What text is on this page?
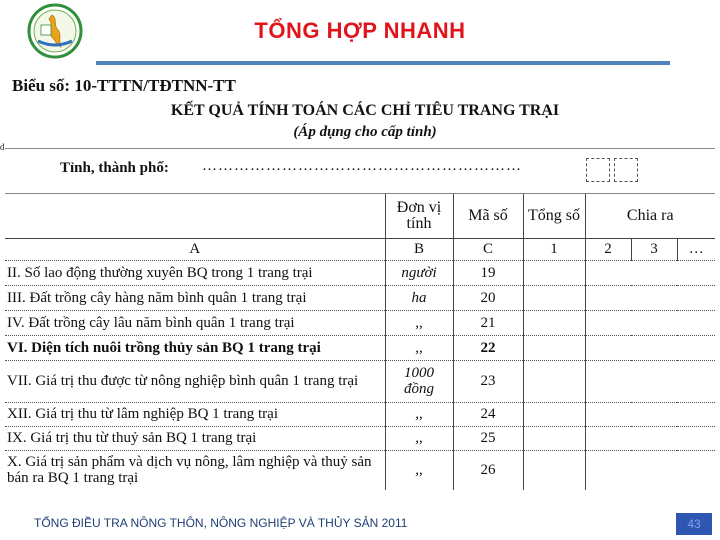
TỔNG HỢP NHANH
Biểu số: 10-TTTN/TĐTNN-TT
KẾT QUẢ TÍNH TOÁN CÁC CHỈ TIÊU TRANG TRẠI
(Áp dụng cho cấp tỉnh)
d
Tỉnh, thành phố: ……………………………………………………
	Đơn vị tính	Mã số	Tổng số	Chia ra		
A	B	C	1	2	3	…
II. Số lao động thường xuyên BQ trong 1 trang trại	người	19				
III. Đất trồng cây hàng năm bình quân 1 trang trại	ha	20				
IV. Đất trồng cây lâu năm bình quân 1 trang trại	,,	21				
VI. Diện tích nuôi trồng thủy sản BQ 1 trang trại	,,	22				
VII. Giá trị thu được từ nông nghiệp bình quân 1 trang trại	1000 đồng	23				
XII. Giá trị thu từ lâm nghiệp BQ 1 trang trại	,,	24				
IX. Giá trị thu từ thuỷ sản BQ 1 trang trại	,,	25				
X. Giá trị sản phẩm và dịch vụ nông, lâm nghiệp và thuỷ sản bán ra BQ 1 trang trại	,,	26				
TỔNG ĐIỀU TRA NÔNG THÔN, NÔNG NGHIỆP VÀ THỦY SẢN 2011	43
